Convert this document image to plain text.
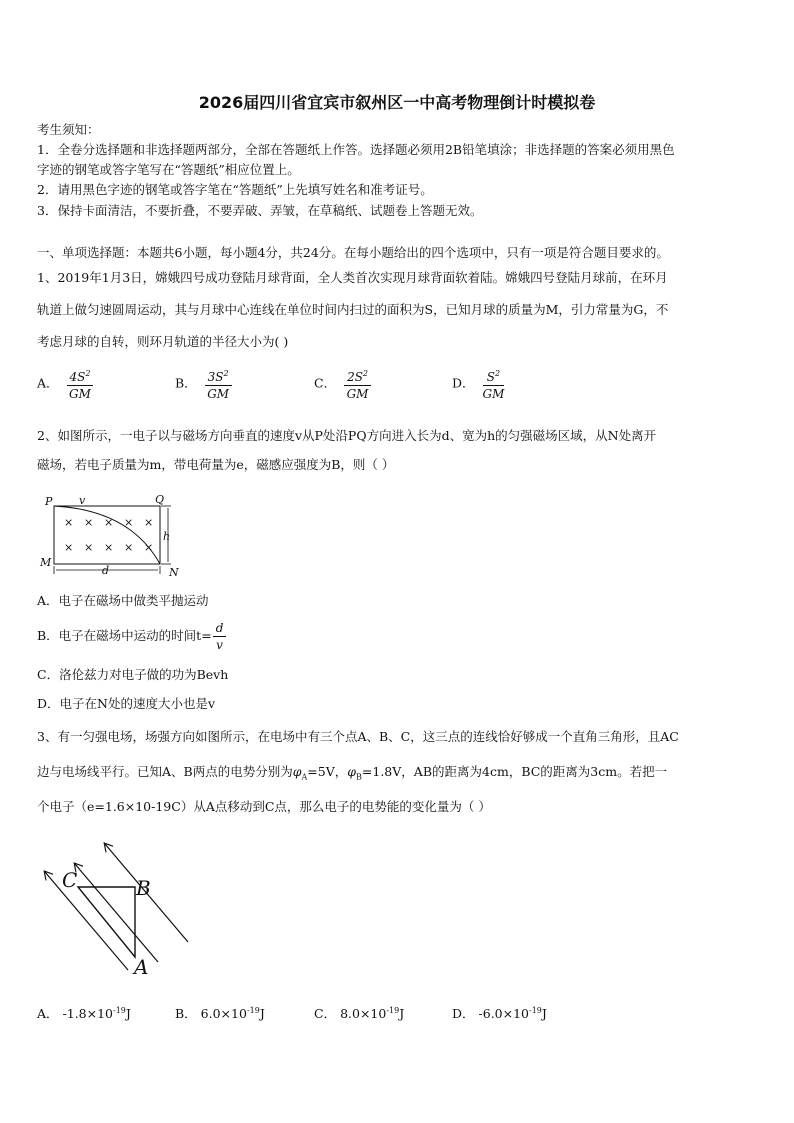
2026届四川省宜宾市叙州区一中高考物理倒计时模拟卷
考生须知：
1．全卷分选择题和非选择题两部分，全部在答题纸上作答。选择题必须用2B铅笔填涂；非选择题的答案必须用黑色
字迹的钢笔或答字笔写在“答题纸”相应位置上。
2．请用黑色字迹的钢笔或答字笔在“答题纸”上先填写姓名和准考证号。
3．保持卡面清洁，不要折叠，不要弄破、弄皱，在草稿纸、试题卷上答题无效。
一、单项选择题：本题共6小题，每小题4分，共24分。在每小题给出的四个选项中，只有一项是符合题目要求的。
1、2019年1月3日，嫦娥四号成功登陆月球背面，全人类首次实现月球背面软着陆。嫦娥四号登陆月球前，在环月
轨道上做匀速圆周运动，其与月球中心连线在单位时间内扫过的面积为S，已知月球的质量为M，引力常量为G，不
考虑月球的自转，则环月轨道的半径大小为( )
A． $\frac{4S^2}{GM}$	B． $\frac{3S^2}{GM}$	C． $\frac{2S^2}{GM}$	D． $\frac{S^2}{GM}$
2、如图所示，一电子以与磁场方向垂直的速度v从P处沿PQ方向进入长为d、宽为h的匀强磁场区域，从N处离开
磁场，若电子质量为m，带电荷量为e，磁感应强度为B，则（ ）
× × × × ×
× × × × ×
P v	Q
h
M
d	N
A．电子在磁场中做类平抛运动
B．电子在磁场中运动的时间$t= \frac{d}{v}$
C．洛伦兹力对电子做的功为Bevh
D．电子在N处的速度大小也是v
3、有一匀强电场，场强方向如图所示，在电场中有三个点A、B、C，这三点的连线恰好够成一个直角三角形，且AC
边与电场线平行。已知A、B两点的电势分别为$\varphi_A=5V$，$\varphi_B=1.8V$，AB的距离为4cm，BC的距离为3cm。若把一
个电子（e=1.6×10-19C）从A点移动到C点，那么电子的电势能的变化量为（ ）
C	B
A
A． $-1.8\times 10^{-19}J$	B． $6.0\times 10^{-19}J$	C． $8.0\times 10^{-19}J$	D． $-6.0\times 10^{-19}J$
